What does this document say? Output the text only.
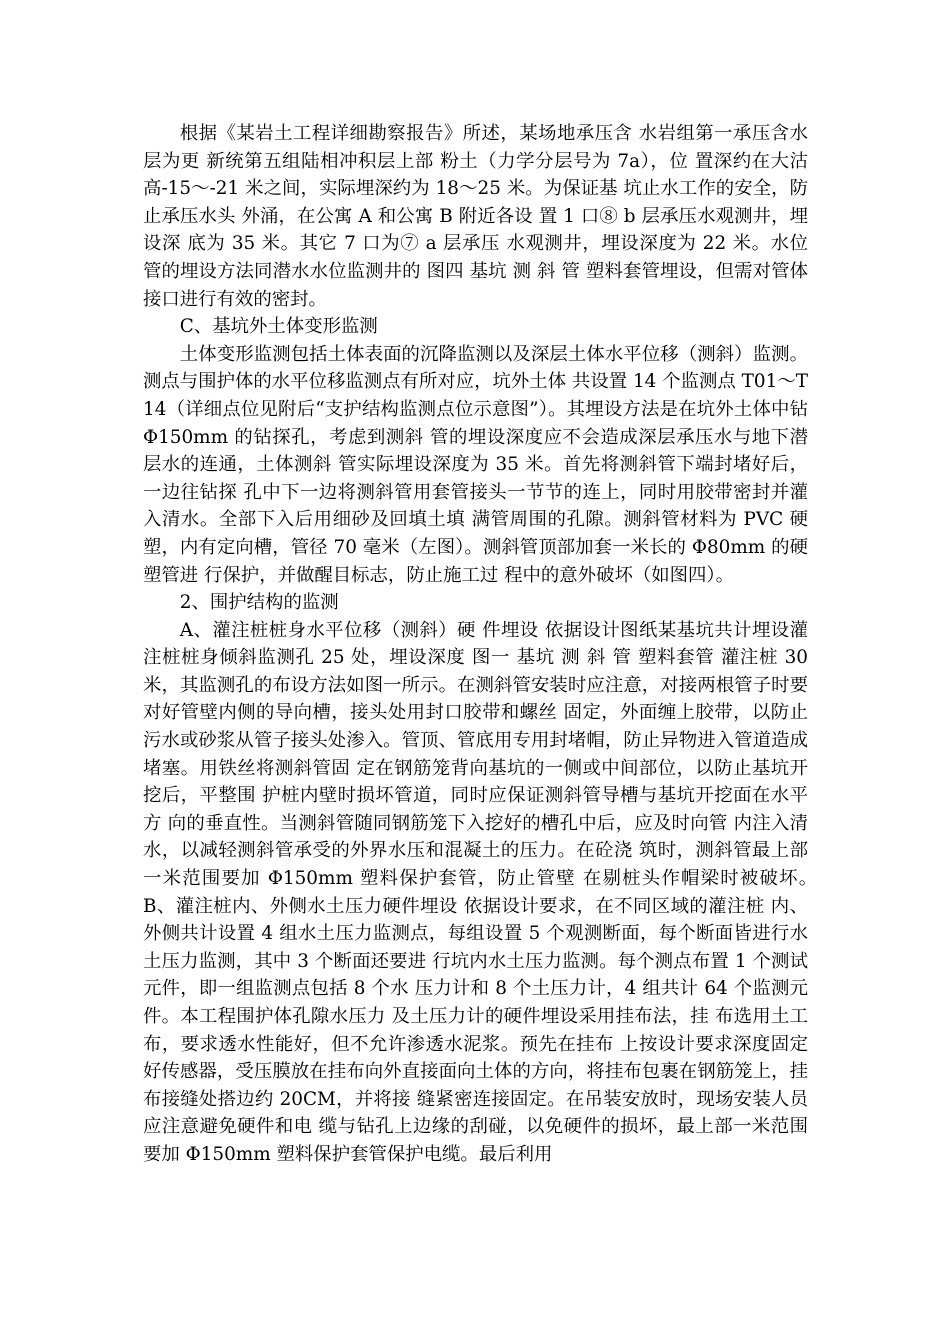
根据《某岩土工程详细勘察报告》所述，某场地承压含 水岩组第一承压含水层为更 新统第五组陆相冲积层上部 粉土（力学分层号为 7a），位 置深约在大沽高-15～-21 米之间，实际埋深约为 18～25 米。为保证基 坑止水工作的安全，防止承压水头 外涌，在公寓 A 和公寓 B 附近各设 置 1 口⑧ b 层承压水观测井，埋设深 底为 35 米。其它 7 口为⑦ a 层承压 水观测井，埋设深度为 22 米。水位 管的埋设方法同潜水水位监测井的 图四 基坑 测 斜 管 塑料套管埋设，但需对管体接口进行有效的密封。

C、基坑外土体变形监测

土体变形监测包括土体表面的沉降监测以及深层土体水平位移（测斜）监测。测点与围护体的水平位移监测点有所对应，坑外土体 共设置 14 个监测点 T01～T14（详细点位见附后“支护结构监测点位示意图”）。其埋设方法是在坑外土体中钻 Φ150mm 的钻探孔，考虑到测斜 管的埋设深度应不会造成深层承压水与地下潜层水的连通，土体测斜 管实际埋设深度为 35 米。首先将测斜管下端封堵好后，一边往钻探 孔中下一边将测斜管用套管接头一节节的连上，同时用胶带密封并灌 入清水。全部下入后用细砂及回填土填 满管周围的孔隙。测斜管材料为 PVC 硬 塑，内有定向槽，管径 70 毫米（左图）。测斜管顶部加套一米长的 Φ80mm 的硬 塑管进 行保护，并做醒目标志，防止施工过 程中的意外破坏（如图四）。

2、围护结构的监测

A、灌注桩桩身水平位移（测斜）硬 件埋设 依据设计图纸某基坑共计埋设灌 注桩桩身倾斜监测孔 25 处，埋设深度 图一 基坑 测 斜 管 塑料套管 灌注桩 30 米，其监测孔的布设方法如图一所示。在测斜管安装时应注意，对接两根管子时要对好管壁内侧的导向槽，接头处用封口胶带和螺丝 固定，外面缠上胶带，以防止污水或砂浆从管子接头处渗入。管顶、管底用专用封堵帽，防止异物进入管道造成堵塞。用铁丝将测斜管固 定在钢筋笼背向基坑的一侧或中间部位，以防止基坑开挖后，平整围 护桩内壁时损坏管道，同时应保证测斜管导槽与基坑开挖面在水平方 向的垂直性。当测斜管随同钢筋笼下入挖好的槽孔中后，应及时向管 内注入清水，以减轻测斜管承受的外界水压和混凝土的压力。在砼浇 筑时，测斜管最上部一米范围要加 Φ150mm 塑料保护套管，防止管壁 在剔桩头作帽梁时被破坏。　 B、灌注桩内、外侧水土压力硬件埋设 依据设计要求，在不同区域的灌注桩 内、外侧共计设置 4 组水土压力监测点，每组设置 5 个观测断面，每个断面皆进行水土压力监测，其中 3 个断面还要进 行坑内水土压力监测。每个测点布置 1 个测试元件，即一组监测点包括 8 个水 压力计和 8 个土压力计，4 组共计 64 个监测元件。本工程围护体孔隙水压力 及土压力计的硬件埋设采用挂布法，挂 布选用土工布，要求透水性能好，但不允许渗透水泥浆。预先在挂布 上按设计要求深度固定好传感器，受压膜放在挂布向外直接面向土体的方向，将挂布包裹在钢筋笼上，挂布接缝处搭边约 20CM，并将接 缝紧密连接固定。在吊装安放时，现场安装人员应注意避免硬件和电 缆与钻孔上边缘的刮碰，以免硬件的损坏，最上部一米范围要加 Φ150mm 塑料保护套管保护电缆。最后利用
